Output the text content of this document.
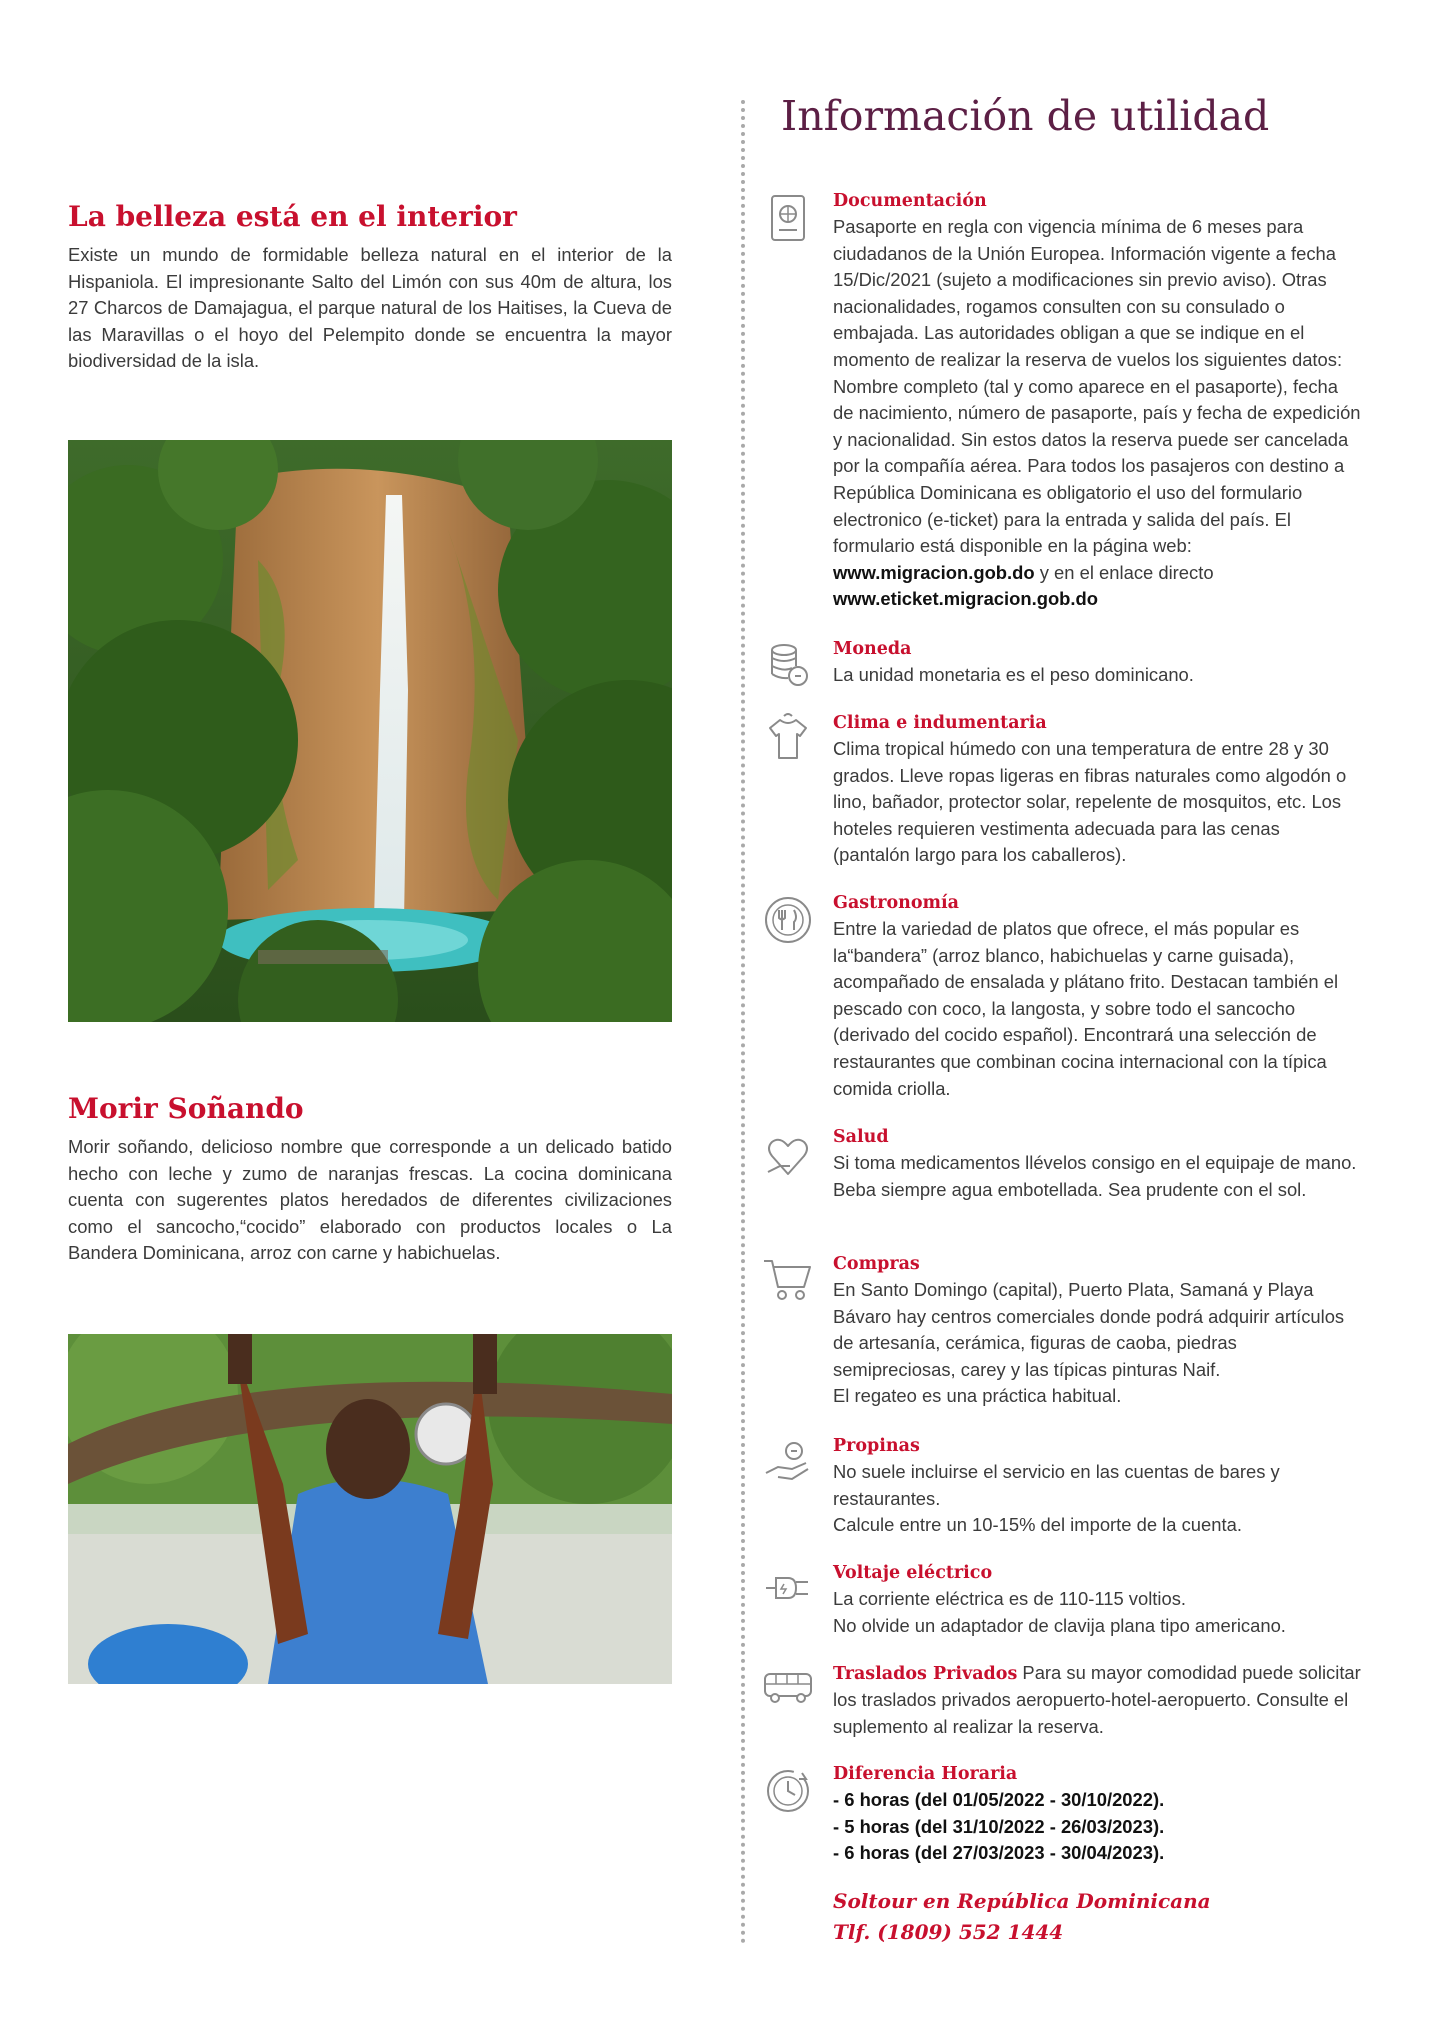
La belleza está en el interior

Existe un mundo de formidable belleza natural en el interior de la Hispaniola. El impresionante Salto del Limón con sus 40m de altura, los 27 Charcos de Damajagua, el parque natural de los Haitises, la Cueva de las Maravillas o el hoyo del Pelempito donde se encuentra la mayor biodiversidad de la isla.

Morir Soñando

Morir soñando, delicioso nombre que corresponde a un delicado batido hecho con leche y zumo de naranjas frescas. La cocina dominicana cuenta con sugerentes platos heredados de diferentes civilizaciones como el sancocho,“cocido” elaborado con productos locales o La Bandera Dominicana, arroz con carne y habichuelas.

Información de utilidad
Documentación
Pasaporte en regla con vigencia mínima de 6 meses para ciudadanos de la Unión Europea. Información vigente a fecha 15/Dic/2021 (sujeto a modificaciones sin previo aviso). Otras nacionalidades, rogamos consulten con su consulado o embajada. Las autoridades obligan a que se indique en el momento de realizar la reserva de vuelos los siguientes datos: Nombre completo (tal y como aparece en el pasaporte), fecha de nacimiento, número de pasaporte, país y fecha de expedición y nacionalidad. Sin estos datos la reserva puede ser cancelada por la compañía aérea. Para todos los pasajeros con destino a República Dominicana es obligatorio el uso del formulario electronico (e-ticket) para la entrada y salida del país. El formulario está disponible en la página web: www.migracion.gob.do y en el enlace directo www.eticket.migracion.gob.do
Moneda
La unidad monetaria es el peso dominicano.
Clima e indumentaria
Clima tropical húmedo con una temperatura de entre 28 y 30 grados. Lleve ropas ligeras en fibras naturales como algodón o lino, bañador, protector solar, repelente de mosquitos, etc. Los hoteles requieren vestimenta adecuada para las cenas (pantalón largo para los caballeros).
Gastronomía
Entre la variedad de platos que ofrece, el más popular es la“bandera” (arroz blanco, habichuelas y carne guisada), acompañado de ensalada y plátano frito. Destacan también el pescado con coco, la langosta, y sobre todo el sancocho (derivado del cocido español). Encontrará una selección de restaurantes que combinan cocina internacional con la típica comida criolla.
Salud
Si toma medicamentos llévelos consigo en el equipaje de mano. Beba siempre agua embotellada. Sea prudente con el sol.
Compras
En Santo Domingo (capital), Puerto Plata, Samaná y Playa Bávaro hay centros comerciales donde podrá adquirir artículos de artesanía, cerámica, figuras de caoba, piedras semipreciosas, carey y las típicas pinturas Naif.
El regateo es una práctica habitual.
Propinas
No suele incluirse el servicio en las cuentas de bares y restaurantes.
Calcule entre un 10-15% del importe de la cuenta.
Voltaje eléctrico
La corriente eléctrica es de 110-115 voltios.
No olvide un adaptador de clavija plana tipo americano.
Traslados Privados Para su mayor comodidad puede solicitar los traslados privados aeropuerto-hotel-aeropuerto. Consulte el suplemento al realizar la reserva.
Diferencia Horaria
- 6 horas (del 01/05/2022 - 30/10/2022).
- 5 horas (del 31/10/2022 - 26/03/2023).
- 6 horas (del 27/03/2023 - 30/04/2023).
Soltour en República Dominicana
Tlf. (1809) 552 1444
